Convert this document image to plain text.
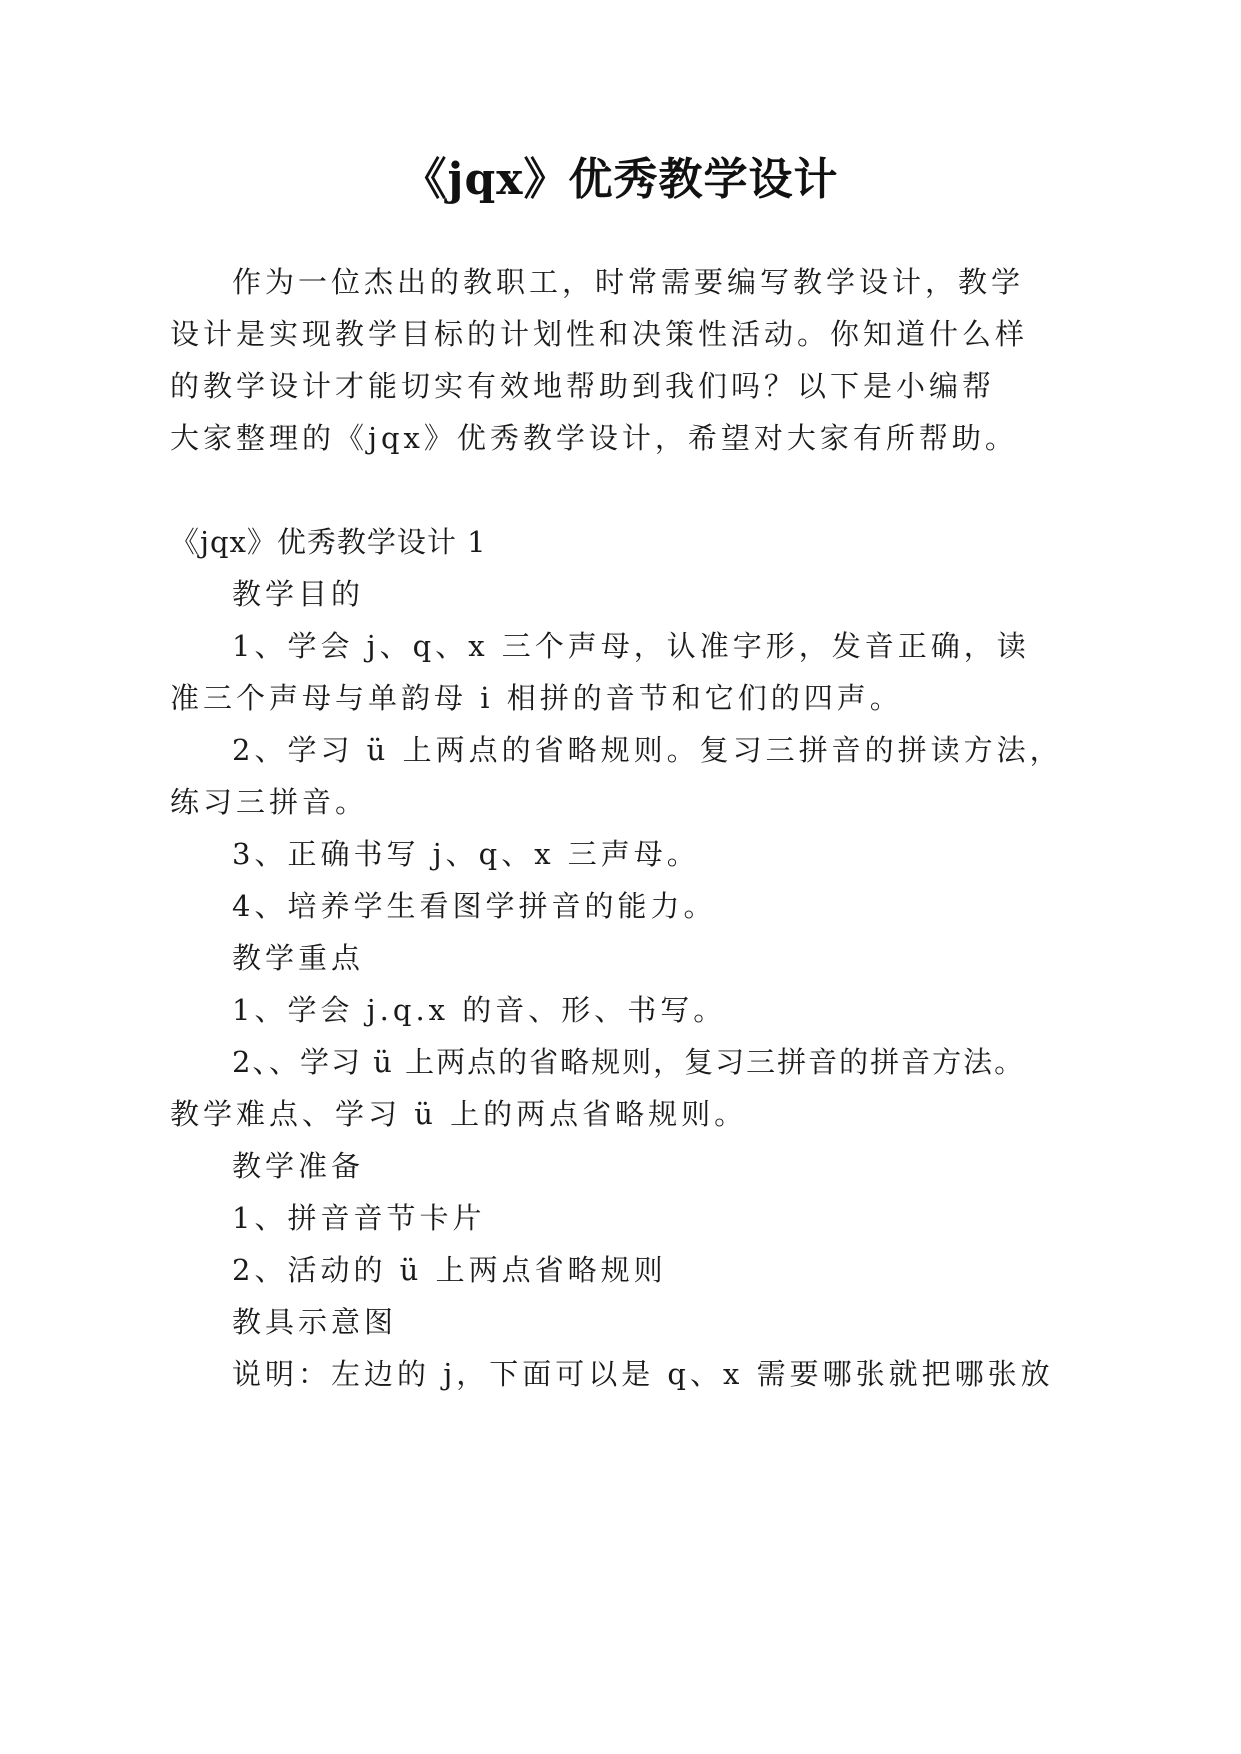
《jqx》优秀教学设计

作为一位杰出的教职工，时常需要编写教学设计，教学

设计是实现教学目标的计划性和决策性活动。你知道什么样

的教学设计才能切实有效地帮助到我们吗？以下是小编帮

大家整理的《jqx》优秀教学设计，希望对大家有所帮助。

《jqx》优秀教学设计 1

教学目的

1、学会 j、q、x 三个声母，认准字形，发音正确，读

准三个声母与单韵母 i 相拼的音节和它们的四声。

2、学习 ü 上两点的省略规则。复习三拼音的拼读方法，

练习三拼音。

3、正确书写 j、q、x 三声母。

4、培养学生看图学拼音的能力。

教学重点

1、学会 j.q.x 的音、形、书写。

2、、学习 ü 上两点的省略规则，复习三拼音的拼音方法。

教学难点、学习 ü 上的两点省略规则。

教学准备

1、拼音音节卡片

2、活动的 ü 上两点省略规则

教具示意图

说明：左边的 j，下面可以是 q、x 需要哪张就把哪张放
